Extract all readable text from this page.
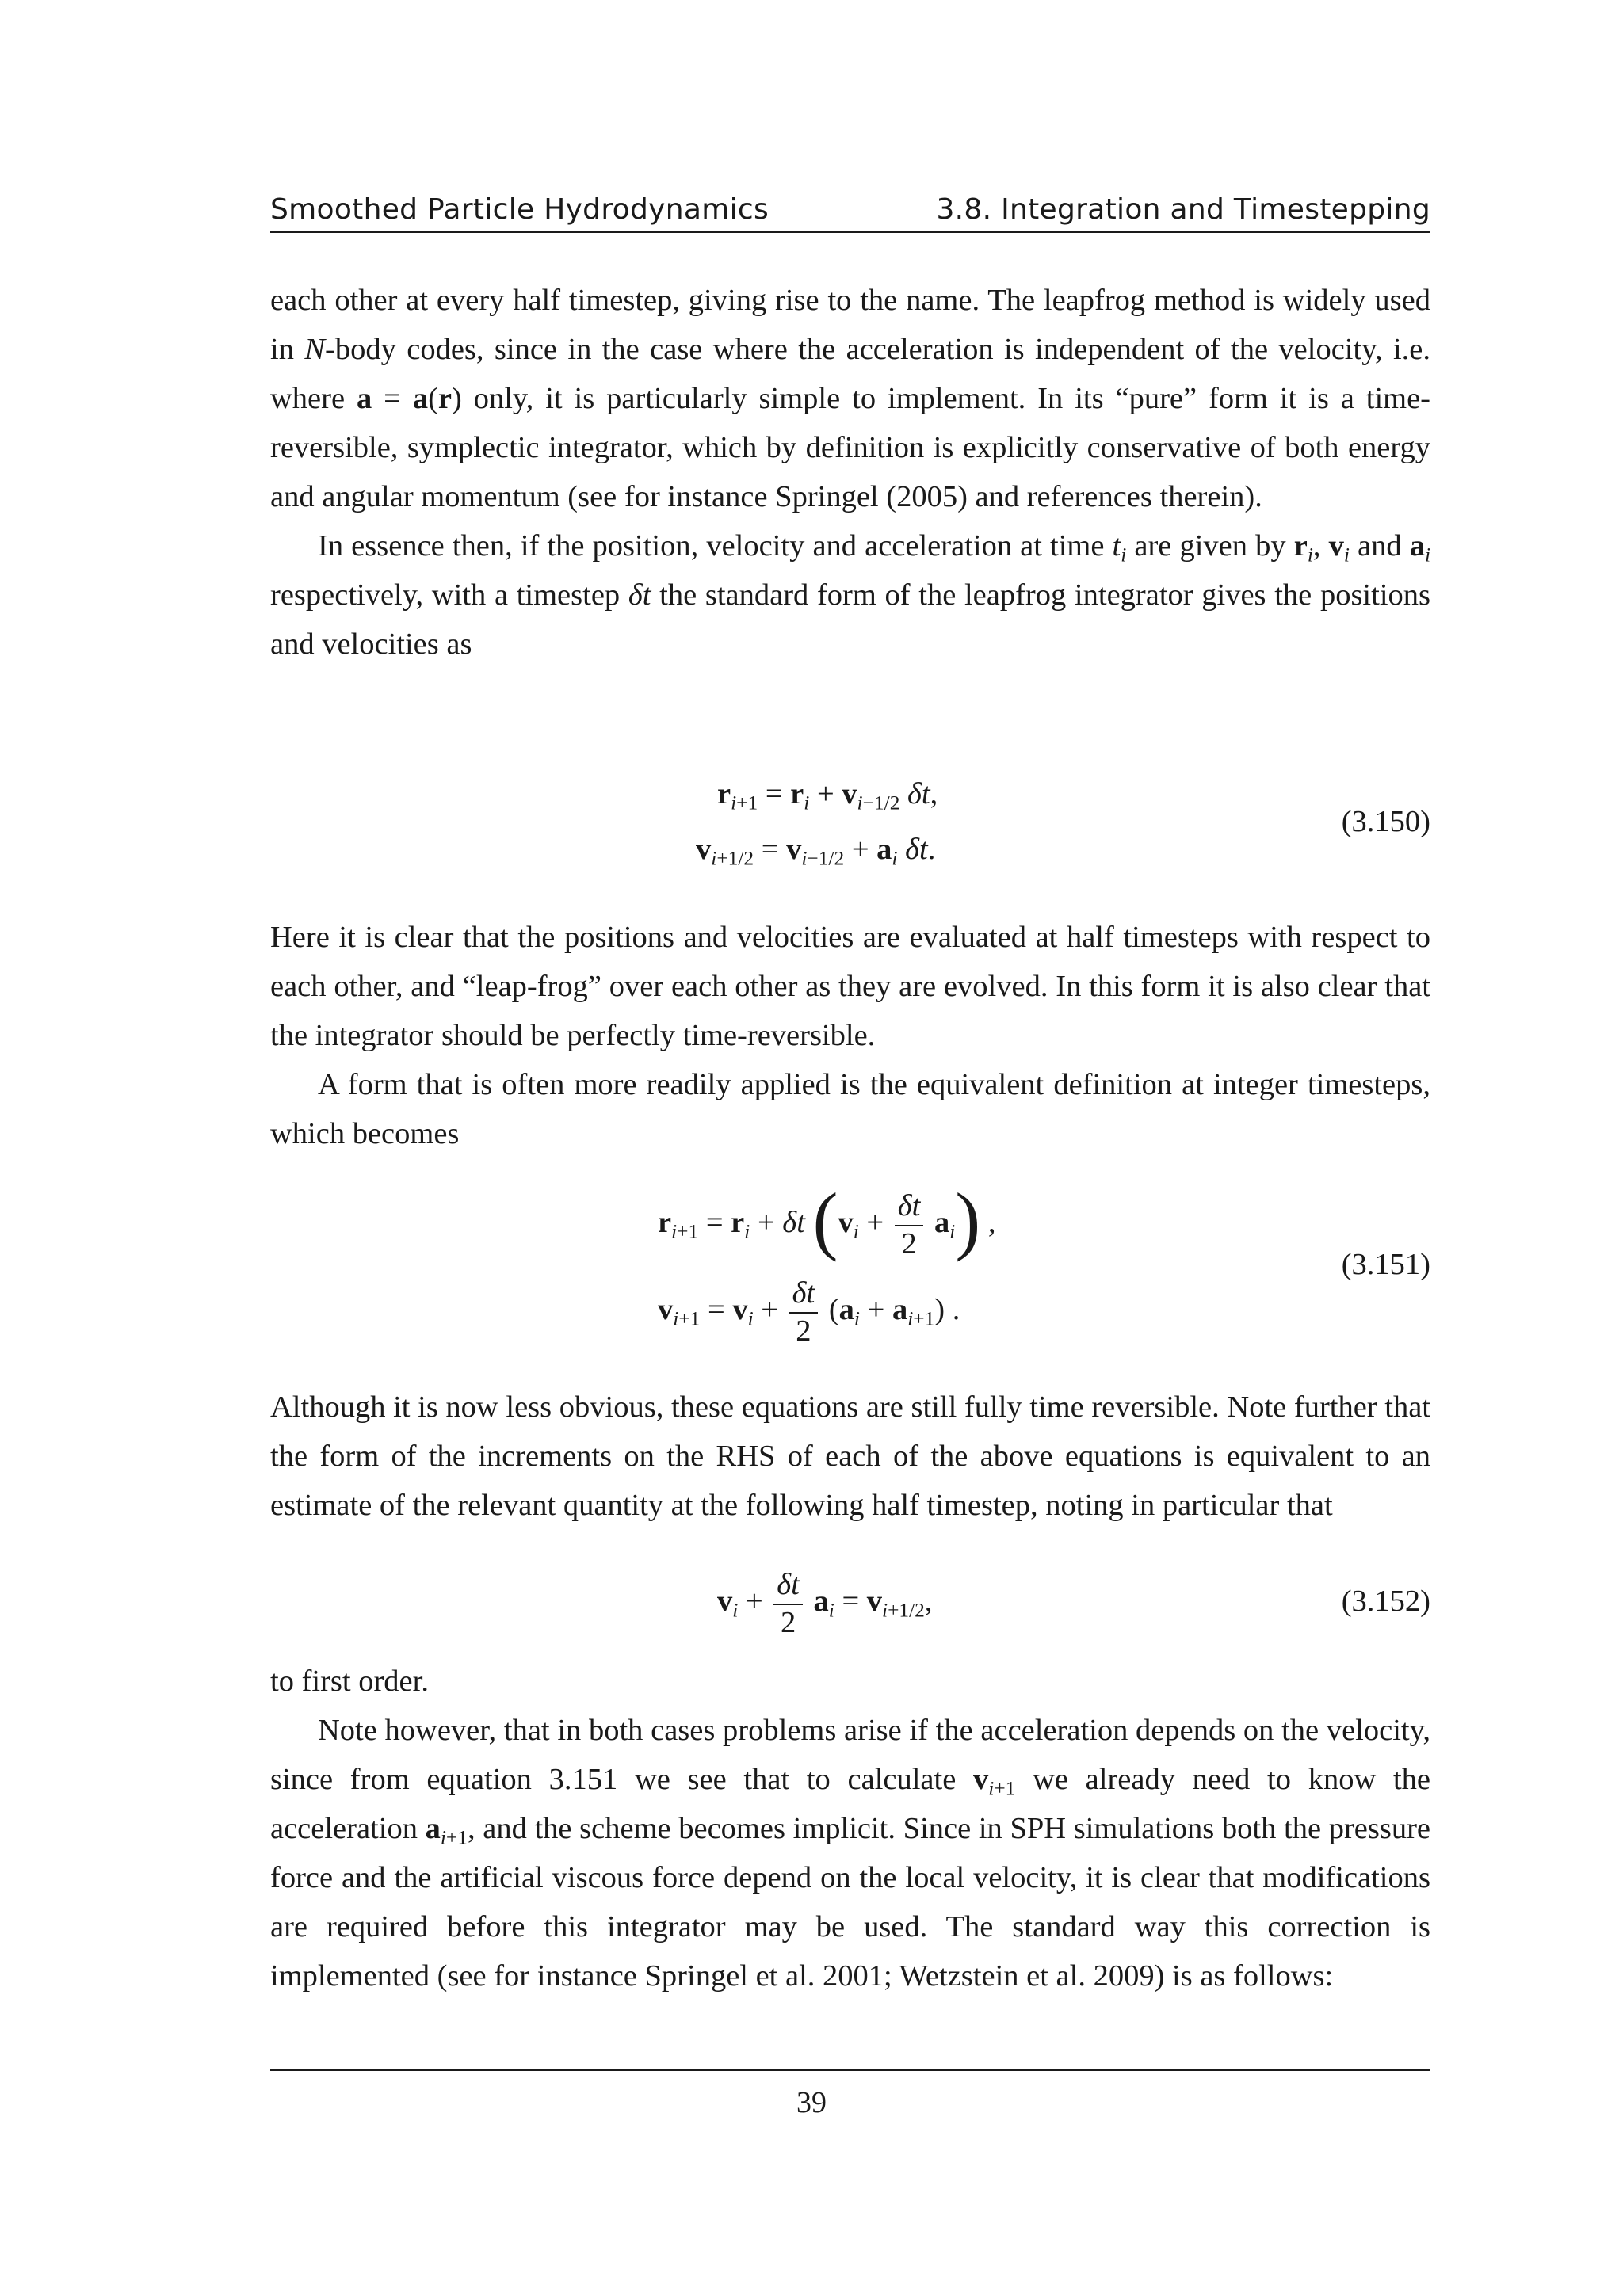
Smoothed Particle Hydrodynamics	3.8. Integration and Timestepping

each other at every half timestep, giving rise to the name. The leapfrog method is widely used in N-body codes, since in the case where the acceleration is independent of the velocity, i.e. where a = a(r) only, it is particularly simple to implement. In its “pure” form it is a time-reversible, symplectic integrator, which by definition is explicitly conservative of both energy and angular momentum (see for instance Springel (2005) and references therein).

In essence then, if the position, velocity and acceleration at time $t_i$ are given by $r_i$, $v_i$ and $a_i$ respectively, with a timestep δt the standard form of the leapfrog integrator gives the positions and velocities as

$r_{i+1} = r_i + v_{i-1/2}$ δt,
$v_{i+1/2} = v_{i-1/2} + a_i$ δt.
(3.150)

Here it is clear that the positions and velocities are evaluated at half timesteps with respect to each other, and “leap-frog” over each other as they are evolved. In this form it is also clear that the integrator should be perfectly time-reversible.

A form that is often more readily applied is the equivalent definition at integer timesteps, which becomes

$r_{i+1} = r_i + \delta t$ $(v_i + \frac{\delta t}{2} a_i)$ ,
$v_{i+1} = v_i + \frac{\delta t}{2} (a_i + a_{i+1})$ .
(3.151)

Although it is now less obvious, these equations are still fully time reversible. Note further that the form of the increments on the RHS of each of the above equations is equivalent to an estimate of the relevant quantity at the following half timestep, noting in particular that

$v_i + \frac{\delta t}{2} a_i = v_{i+1/2}$,	(3.152)

to first order.

Note however, that in both cases problems arise if the acceleration depends on the velocity, since from equation 3.151 we see that to calculate $v_{i+1}$ we already need to know the acceleration $a_{i+1}$, and the scheme becomes implicit. Since in SPH simulations both the pressure force and the artificial viscous force depend on the local velocity, it is clear that modifications are required before this integrator may be used. The standard way this correction is implemented (see for instance Springel et al. 2001; Wetzstein et al. 2009) is as follows:

39
